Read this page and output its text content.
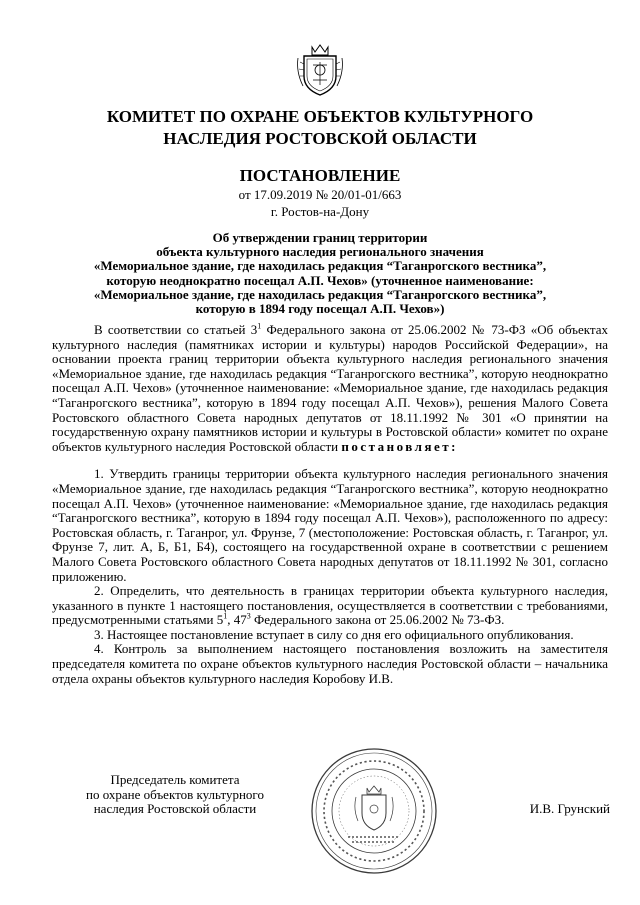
КОМИТЕТ ПО ОХРАНЕ ОБЪЕКТОВ КУЛЬТУРНОГО
НАСЛЕДИЯ РОСТОВСКОЙ ОБЛАСТИ
ПОСТАНОВЛЕНИЕ
от 17.09.2019 № 20/01-01/663
г. Ростов-на-Дону
Об утверждении границ территории
объекта культурного наследия регионального значения
«Мемориальное здание, где находилась редакция “Таганрогского вестника”,
которую неоднократно посещал А.П. Чехов» (уточненное наименование:
«Мемориальное здание, где находилась редакция “Таганрогского вестника”,
которую в 1894 году посещал А.П. Чехов»)

В соответствии со статьей $3^1$ Федерального закона от 25.06.2002 № 73-ФЗ «Об объектах культурного наследия (памятниках истории и культуры) народов Российской Федерации», на основании проекта границ территории объекта культурного наследия регионального значения «Мемориальное здание, где находилась редакция “Таганрогского вестника”, которую неоднократно посещал А.П. Чехов» (уточненное наименование: «Мемориальное здание, где находилась редакция “Таганрогского вестника”, которую в 1894 году посещал А.П. Чехов»), решения Малого Совета Ростовского областного Совета народных депутатов от 18.11.1992 № 301 «О принятии на государственную охрану памятников истории и культуры в Ростовской области» комитет по охране объектов культурного наследия Ростовской области постановляет:

1. Утвердить границы территории объекта культурного наследия регионального значения «Мемориальное здание, где находилась редакция “Таганрогского вестника”, которую неоднократно посещал А.П. Чехов» (уточненное наименование: «Мемориальное здание, где находилась редакция “Таганрогского вестника”, которую в 1894 году посещал А.П. Чехов»), расположенного по адресу: Ростовская область, г. Таганрог, ул. Фрунзе, 7 (местоположение: Ростовская область, г. Таганрог, ул. Фрунзе 7, лит. А, Б, Б1, Б4), состоящего на государственной охране в соответствии с решением Малого Совета Ростовского областного Совета народных депутатов от 18.11.1992 № 301, согласно приложению.

2. Определить, что деятельность в границах территории объекта культурного наследия, указанного в пункте 1 настоящего постановления, осуществляется в соответствии с требованиями, предусмотренными статьями $5^1$, $47^3$ Федерального закона от 25.06.2002 № 73-ФЗ.

3. Настоящее постановление вступает в силу со дня его официального опубликования.

4. Контроль за выполнением настоящего постановления возложить на заместителя председателя комитета по охране объектов культурного наследия Ростовской области – начальника отдела охраны объектов культурного наследия Коробову И.В.

Председатель комитета
по охране объектов культурного
наследия Ростовской области	И.В. Грунский
